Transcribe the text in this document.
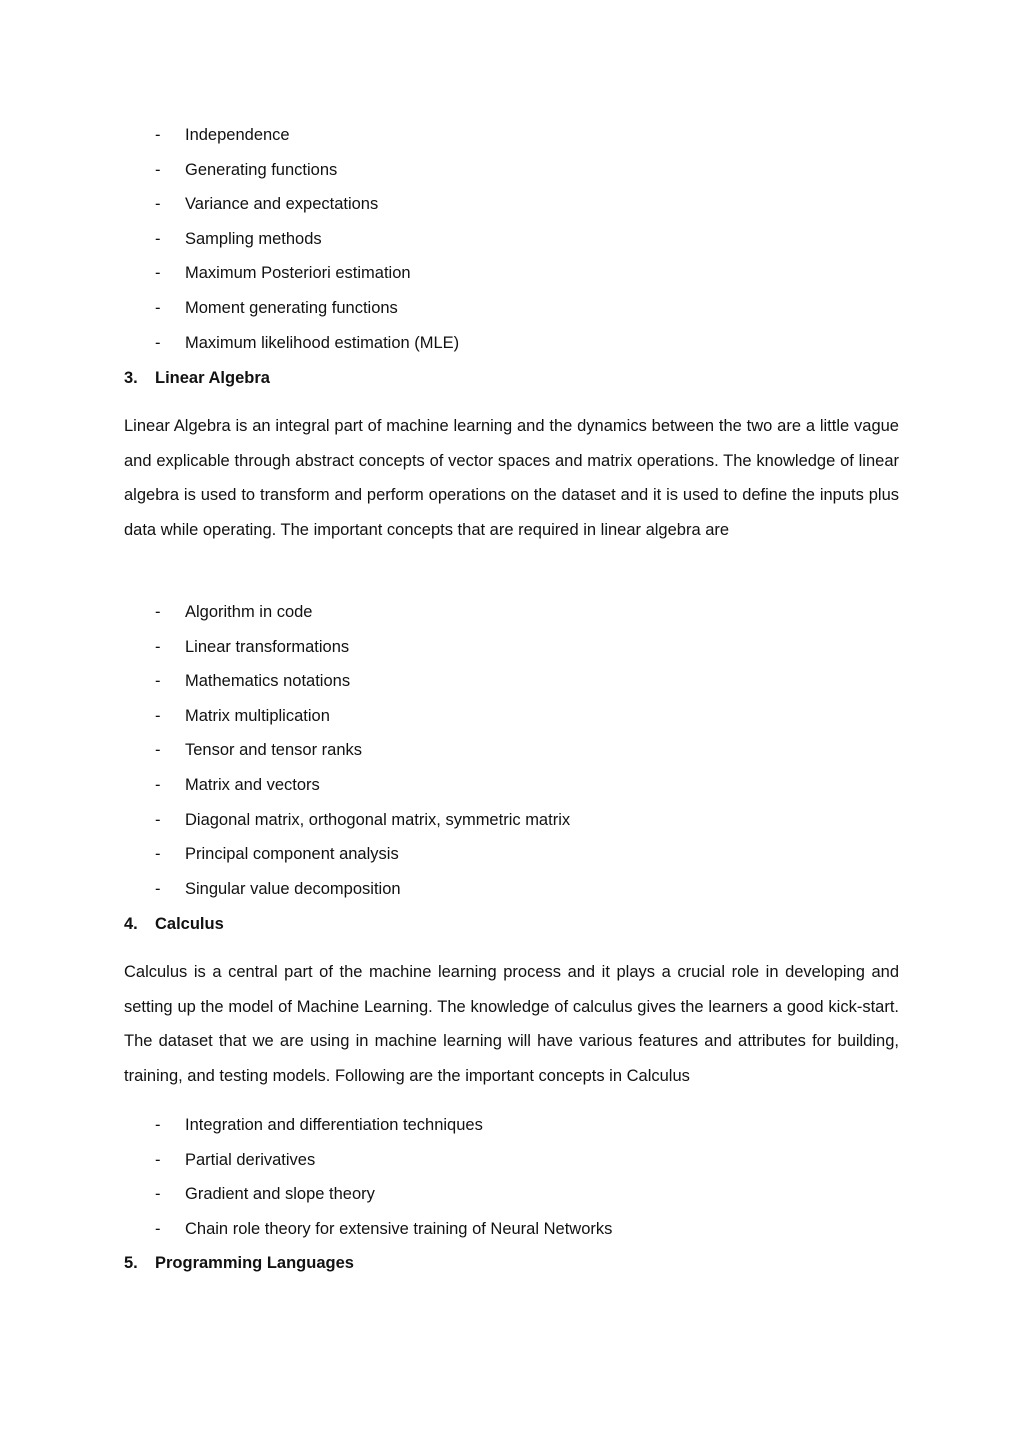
- Independence
- Generating functions
- Variance and expectations
- Sampling methods
- Maximum Posteriori estimation
- Moment generating functions
- Maximum likelihood estimation (MLE)
3. Linear Algebra

Linear Algebra is an integral part of machine learning and the dynamics between the two are a little vague and explicable through abstract concepts of vector spaces and matrix operations. The knowledge of linear algebra is used to transform and perform operations on the dataset and it is used to define the inputs plus data while operating. The important concepts that are required in linear algebra are

- Algorithm in code
- Linear transformations
- Mathematics notations
- Matrix multiplication
- Tensor and tensor ranks
- Matrix and vectors
- Diagonal matrix, orthogonal matrix, symmetric matrix
- Principal component analysis
- Singular value decomposition
4. Calculus

Calculus is a central part of the machine learning process and it plays a crucial role in developing and setting up the model of Machine Learning. The knowledge of calculus gives the learners a good kick-start. The dataset that we are using in machine learning will have various features and attributes for building, training, and testing models. Following are the important concepts in Calculus

- Integration and differentiation techniques
- Partial derivatives
- Gradient and slope theory
- Chain role theory for extensive training of Neural Networks
5. Programming Languages
